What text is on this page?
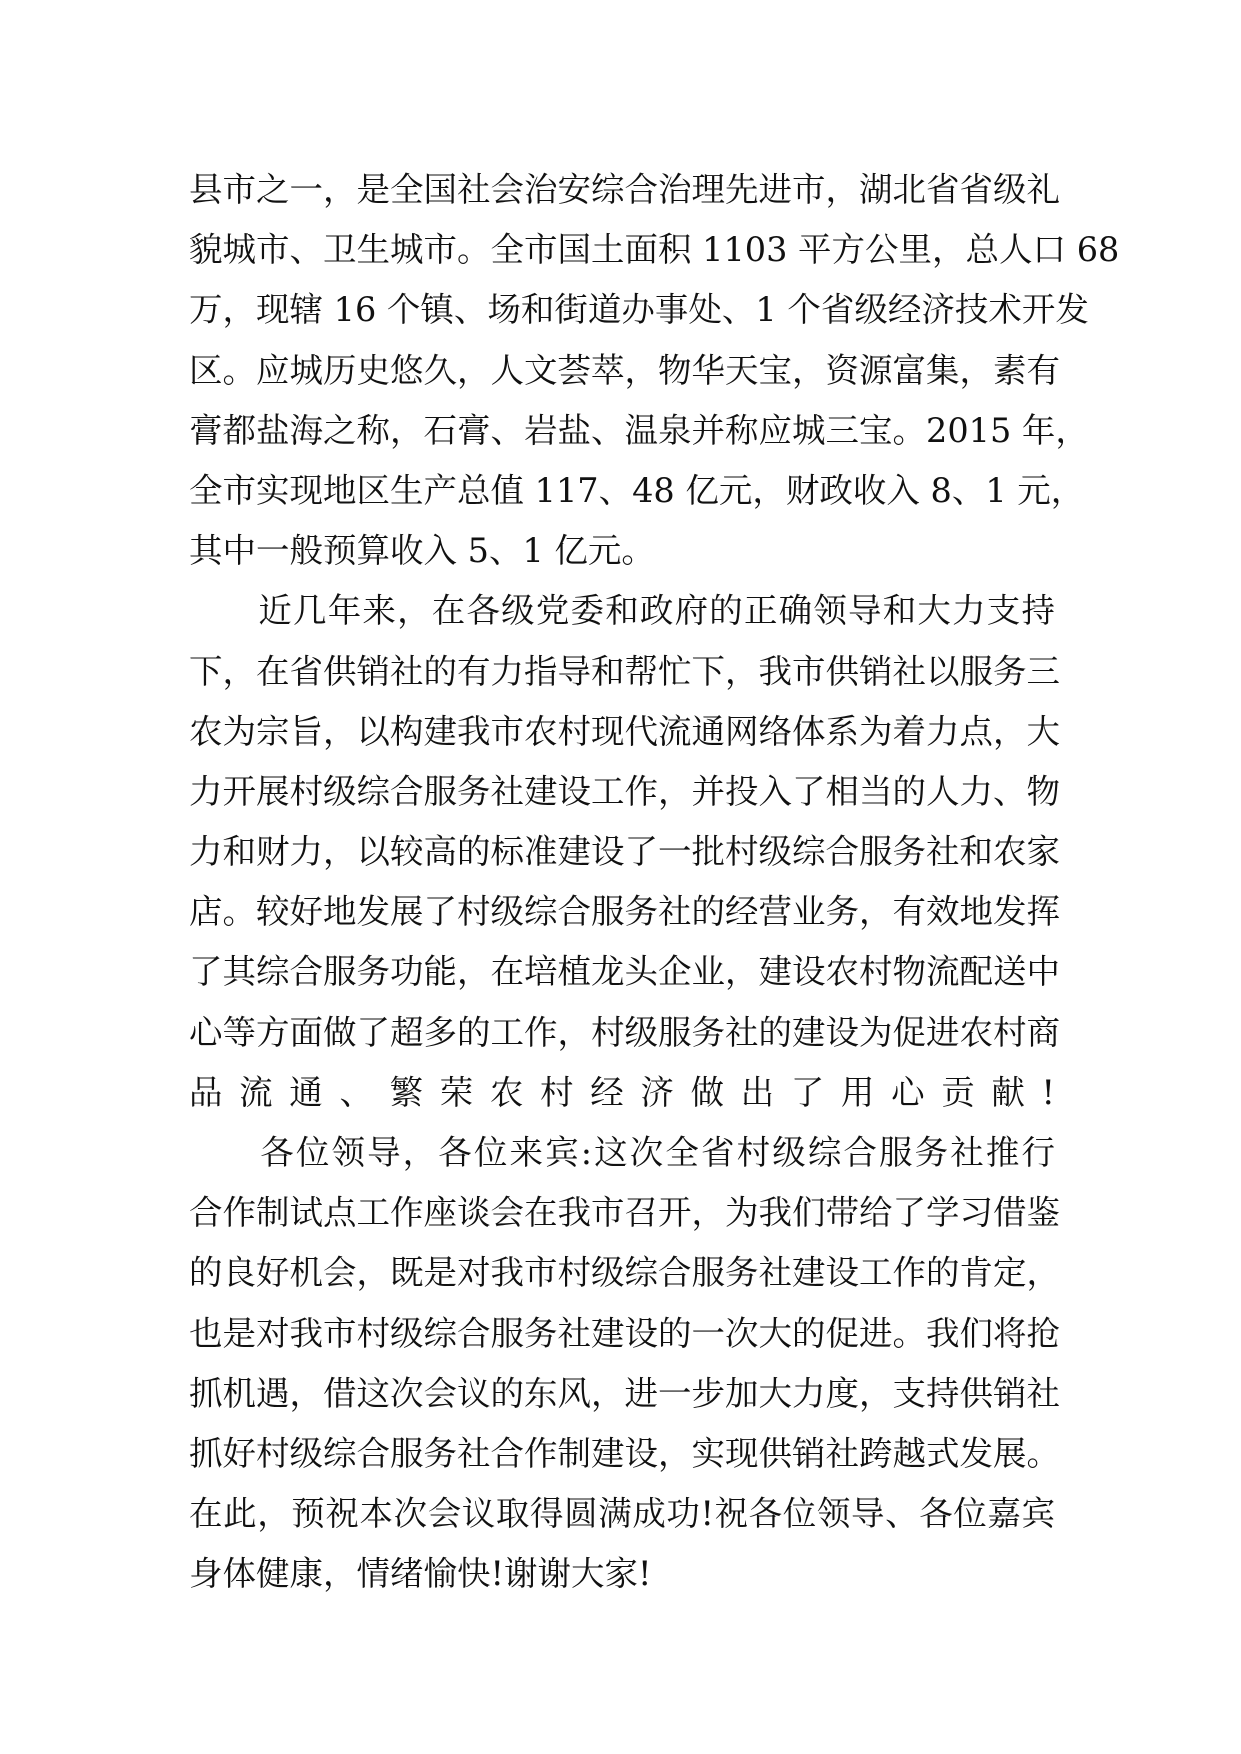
县市之一，是全国社会治安综合治理先进市，湖北省省级礼
貌城市、卫生城市。全市国土面积 1103 平方公里，总人口 68
万，现辖 16 个镇、场和街道办事处、1 个省级经济技术开发
区。应城历史悠久，人文荟萃，物华天宝，资源富集，素有
膏都盐海之称，石膏、岩盐、温泉并称应城三宝。2015 年，
全市实现地区生产总值 117、48 亿元，财政收入 8、1 元，
其中一般预算收入 5、1 亿元。
　　近几年来，在各级党委和政府的正确领导和大力支持
下，在省供销社的有力指导和帮忙下，我市供销社以服务三
农为宗旨，以构建我市农村现代流通网络体系为着力点，大
力开展村级综合服务社建设工作，并投入了相当的人力、物
力和财力，以较高的标准建设了一批村级综合服务社和农家
店。较好地发展了村级综合服务社的经营业务，有效地发挥
了其综合服务功能，在培植龙头企业，建设农村物流配送中
心等方面做了超多的工作，村级服务社的建设为促进农村商
品流通、繁荣农村经济做出了用心贡献!
　　各位领导，各位来宾:这次全省村级综合服务社推行
合作制试点工作座谈会在我市召开，为我们带给了学习借鉴
的良好机会，既是对我市村级综合服务社建设工作的肯定，
也是对我市村级综合服务社建设的一次大的促进。我们将抢
抓机遇，借这次会议的东风，进一步加大力度，支持供销社
抓好村级综合服务社合作制建设，实现供销社跨越式发展。
在此，预祝本次会议取得圆满成功!祝各位领导、各位嘉宾
身体健康，情绪愉快!谢谢大家!
